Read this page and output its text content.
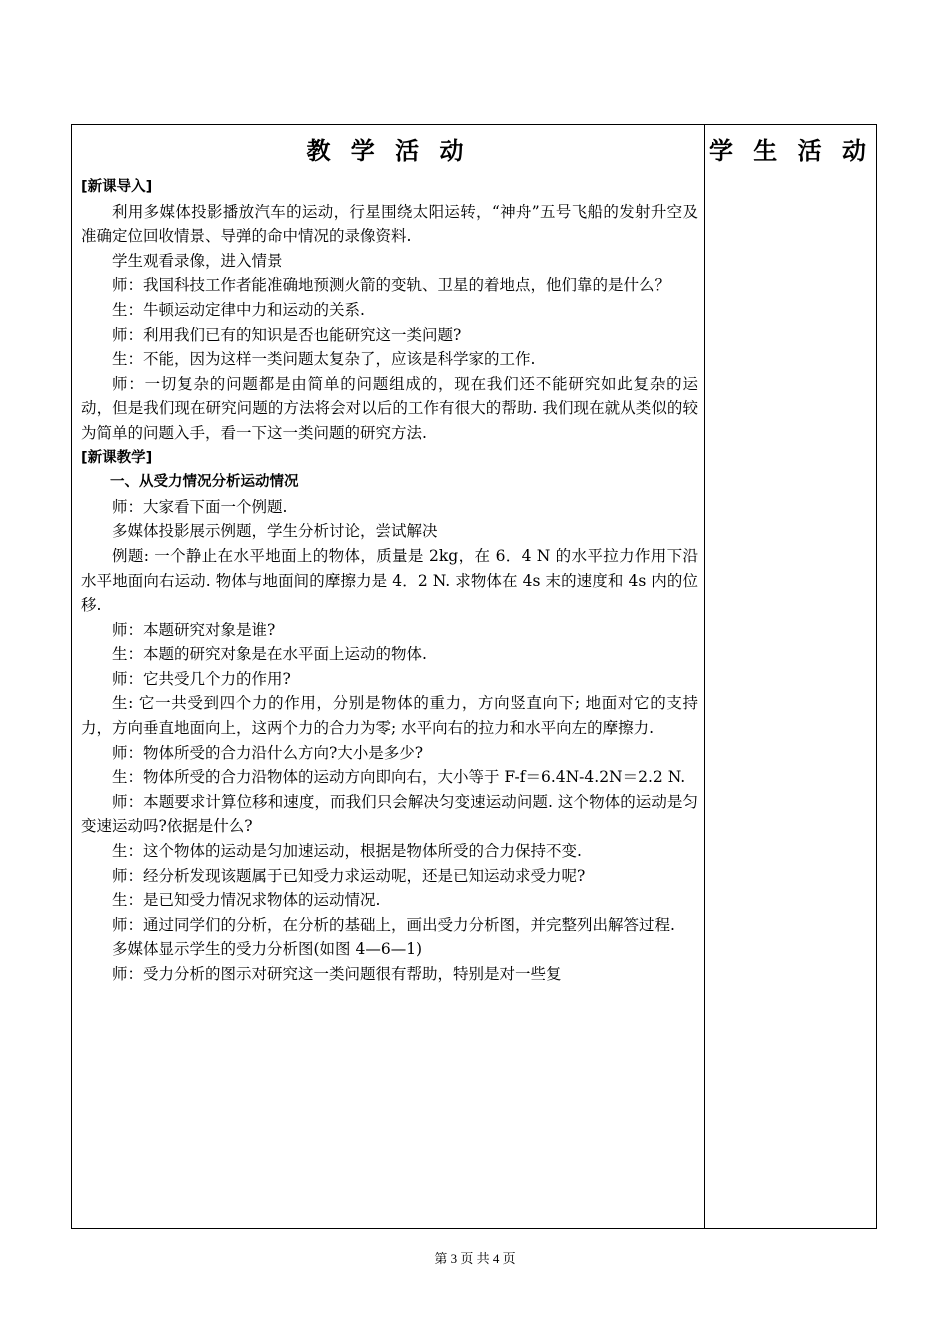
教 学 活 动

[新课导入]

利用多媒体投影播放汽车的运动，行星围绕太阳运转，“神舟”五号飞船的发射升空及准确定位回收情景、导弹的命中情况的录像资料.

学生观看录像，进入情景

师：我国科技工作者能准确地预测火箭的变轨、卫星的着地点，他们靠的是什么？

生：牛顿运动定律中力和运动的关系.

师：利用我们已有的知识是否也能研究这一类问题?

生：不能，因为这样一类问题太复杂了，应该是科学家的工作.

师：一切复杂的问题都是由简单的问题组成的，现在我们还不能研究如此复杂的运动，但是我们现在研究问题的方法将会对以后的工作有很大的帮助. 我们现在就从类似的较为简单的问题入手，看一下这一类问题的研究方法.

[新课教学]

一、从受力情况分析运动情况

师：大家看下面一个例题.

多媒体投影展示例题，学生分析讨论，尝试解决

例题: 一个静止在水平地面上的物体，质量是 2kg，在 6．4 N 的水平拉力作用下沿水平地面向右运动. 物体与地面间的摩擦力是 4．2 N. 求物体在 4s 末的速度和 4s 内的位移.

师：本题研究对象是谁?

生：本题的研究对象是在水平面上运动的物体.

师：它共受几个力的作用?

生: 它一共受到四个力的作用，分别是物体的重力，方向竖直向下; 地面对它的支持力，方向垂直地面向上，这两个力的合力为零; 水平向右的拉力和水平向左的摩擦力.

师：物体所受的合力沿什么方向?大小是多少?

生：物体所受的合力沿物体的运动方向即向右，大小等于 F-f＝6.4N-4.2N＝2.2 N.

师：本题要求计算位移和速度，而我们只会解决匀变速运动问题. 这个物体的运动是匀变速运动吗?依据是什么?

生：这个物体的运动是匀加速运动，根据是物体所受的合力保持不变.

师：经分析发现该题属于已知受力求运动呢，还是已知运动求受力呢?

生：是已知受力情况求物体的运动情况.

师：通过同学们的分析，在分析的基础上，画出受力分析图，并完整列出解答过程.

多媒体显示学生的受力分析图(如图 4—6—1)

师：受力分析的图示对研究这一类问题很有帮助，特别是对一些复

学 生 活 动
第 3 页 共 4 页
